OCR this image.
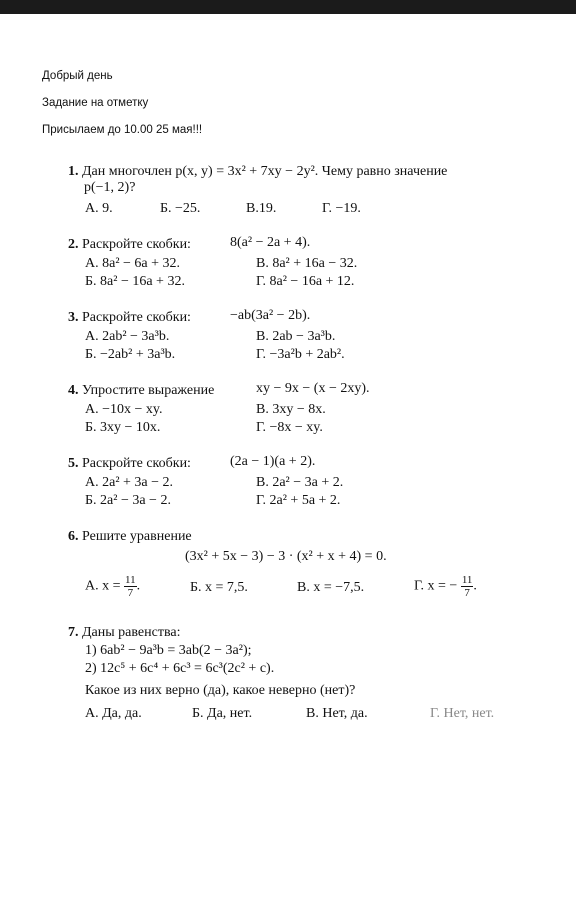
Добрый день
Задание на отметку
Присылаем до 10.00 25 мая!!!
1. Дан многочлен p(x, y) = 3x² + 7xy − 2y². Чему равно значение
p(−1, 2)?
А. 9.	Б. −25.	В.19.	Г. −19.
2. Раскройте скобки:	8(a² − 2a + 4).
А. 8a² − 6a + 32.	В. 8a² + 16a − 32.
Б. 8a² − 16a + 32.	Г. 8a² − 16a + 12.
3. Раскройте скобки:	−ab(3a² − 2b).
А. 2ab² − 3a³b.	В. 2ab − 3a³b.
Б. −2ab² + 3a³b.	Г. −3a²b + 2ab².
4. Упростите выражение	xy − 9x − (x − 2xy).
А. −10x − xy.	В. 3xy − 8x.
Б. 3xy − 10x.	Г. −8x − xy.
5. Раскройте скобки:	(2a − 1)(a + 2).
А. 2a² + 3a − 2.	В. 2a² − 3a + 2.
Б. 2a² − 3a − 2.	Г. 2a² + 5a + 2.
6. Решите уравнение
(3x² + 5x − 3) − 3 · (x² + x + 4) = 0.
А. $x = \frac{11}{7}$ .	Б. x = 7,5.	В. x = −7,5.	Г. x = − $\frac{11}{7}$ .
7. Даны равенства:
1) 6ab² − 9a³b = 3ab(2 − 3a²);
2) 12c⁵ + 6c⁴ + 6c³ = 6c³(2c² + c).
Какое из них верно (да), какое неверно (нет)?
А. Да, да.	Б. Да, нет.	В. Нет, да.	Г. Нет, нет.
